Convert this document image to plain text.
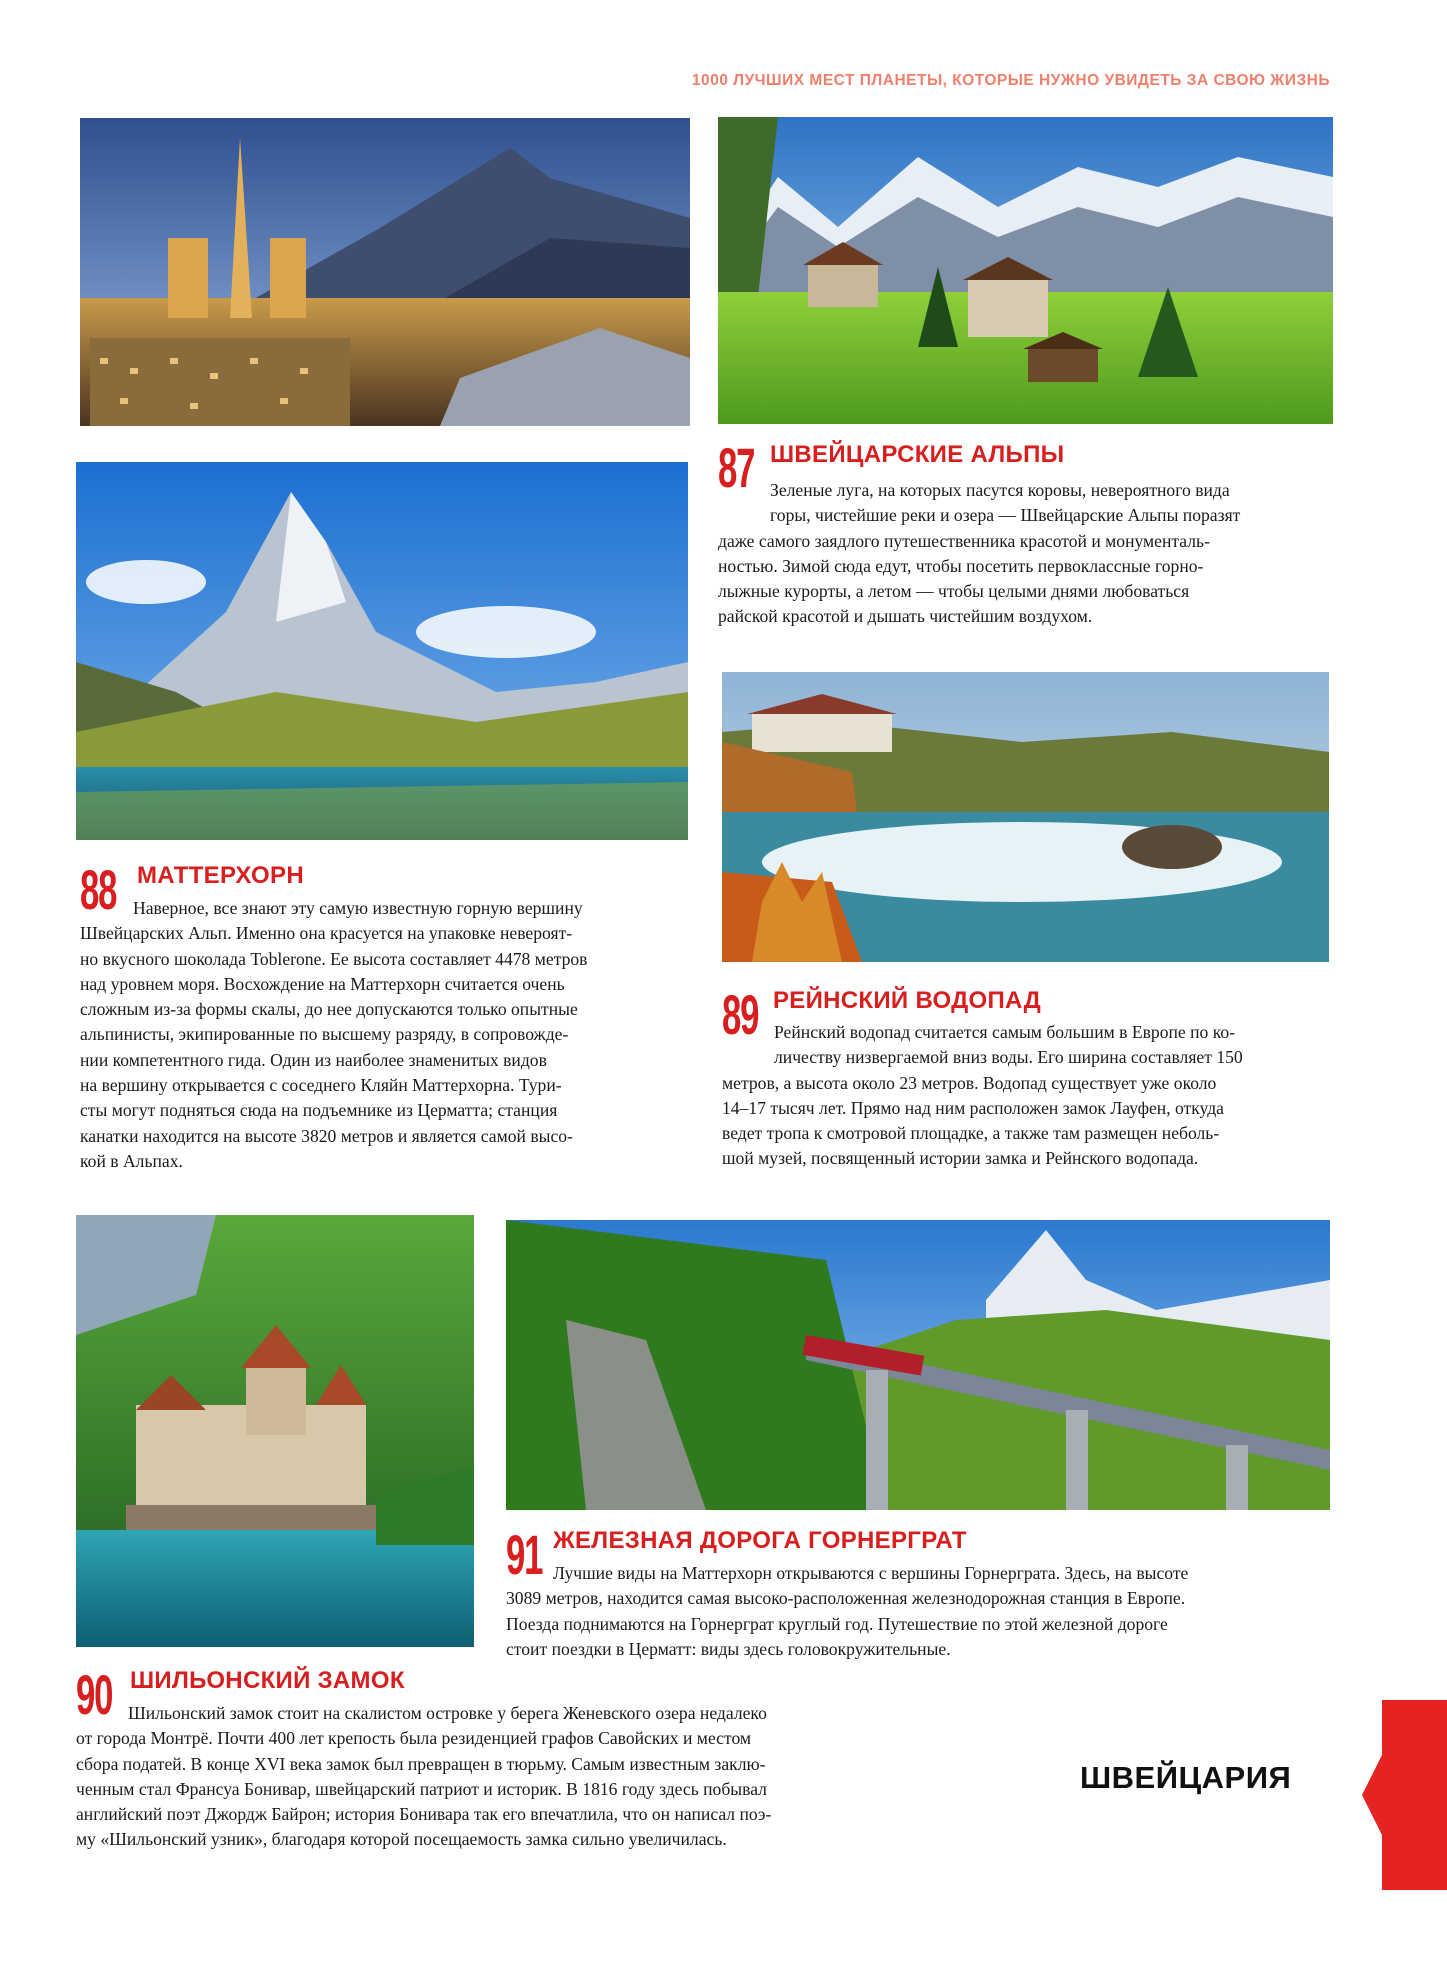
1000 ЛУЧШИХ МЕСТ ПЛАНЕТЫ, КОТОРЫЕ НУЖНО УВИДЕТЬ ЗА СВОЮ ЖИЗНЬ
87 ШВЕЙЦАРСКИЕ АЛЬПЫ
Зеленые луга, на которых пасутся коровы, невероятного вида
горы, чистейшие реки и озера — Швейцарские Альпы поразят
даже самого заядлого путешественника красотой и монументаль-
ностью. Зимой сюда едут, чтобы посетить первоклассные горно-
лыжные курорты, а летом — чтобы целыми днями любоваться
райской красотой и дышать чистейшим воздухом.
88 МАТТЕРХОРН
Наверное, все знают эту самую известную горную вершину
Швейцарских Альп. Именно она красуется на упаковке невероят-
но вкусного шоколада Toblerone. Ее высота составляет 4478 метров
над уровнем моря. Восхождение на Маттерхорн считается очень
сложным из-за формы скалы, до нее допускаются только опытные
альпинисты, экипированные по высшему разряду, в сопровожде-
нии компетентного гида. Один из наиболее знаменитых видов
на вершину открывается с соседнего Кляйн Маттерхорна. Тури-
сты могут подняться сюда на подъемнике из Церматта; станция
канатки находится на высоте 3820 метров и является самой высо-
кой в Альпах.
89 РЕЙНСКИЙ ВОДОПАД
Рейнский водопад считается самым большим в Европе по ко-
личеству низвергаемой вниз воды. Его ширина составляет 150
метров, а высота около 23 метров. Водопад существует уже около
14–17 тысяч лет. Прямо над ним расположен замок Лауфен, откуда
ведет тропа к смотровой площадке, а также там размещен неболь-
шой музей, посвященный истории замка и Рейнского водопада.
91 ЖЕЛЕЗНАЯ ДОРОГА ГОРНЕРГРАТ
Лучшие виды на Маттерхорн открываются с вершины Горнерграта. Здесь, на высоте
3089 метров, находится самая высоко-расположенная железнодорожная станция в Европе.
Поезда поднимаются на Горнерграт круглый год. Путешествие по этой железной дороге
стоит поездки в Церматт: виды здесь головокружительные.
90 ШИЛЬОНСКИЙ ЗАМОК
Шильонский замок стоит на скалистом островке у берега Женевского озера недалеко
от города Монтрё. Почти 400 лет крепость была резиденцией графов Савойских и местом
сбора податей. В конце XVI века замок был превращен в тюрьму. Самым известным заклю-
ченным стал Франсуа Бонивар, швейцарский патриот и историк. В 1816 году здесь побывал
английский поэт Джордж Байрон; история Бонивара так его впечатлила, что он написал поэ-
му «Шильонский узник», благодаря которой посещаемость замка сильно увеличилась.
ШВЕЙЦАРИЯ
